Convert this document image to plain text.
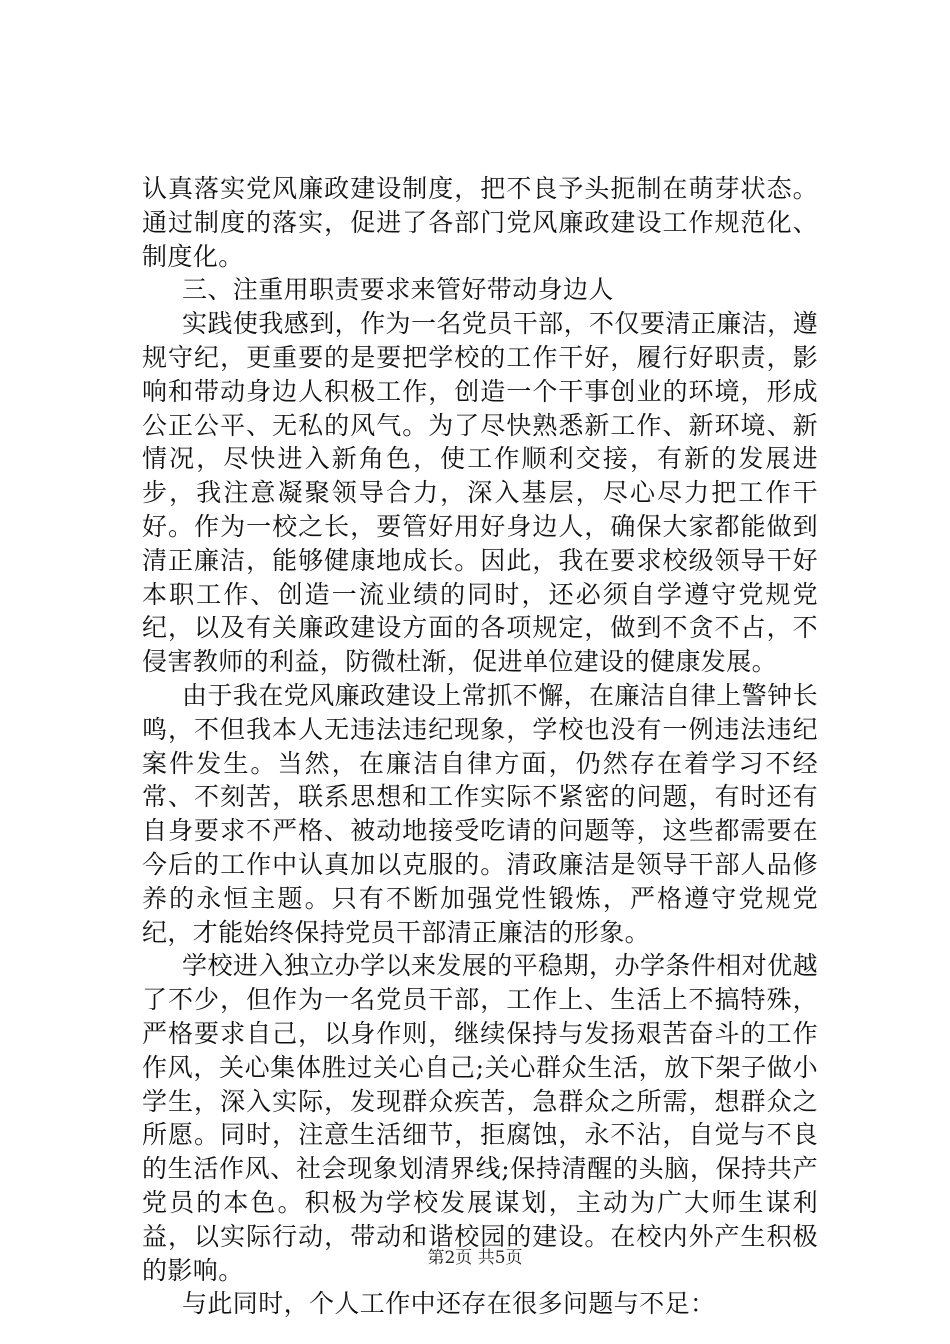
认真落实党风廉政建设制度，把不良予头扼制在萌芽状态。通过制度的落实，促进了各部门党风廉政建设工作规范化、制度化。

三、注重用职责要求来管好带动身边人

实践使我感到，作为一名党员干部，不仅要清正廉洁，遵规守纪，更重要的是要把学校的工作干好，履行好职责，影响和带动身边人积极工作，创造一个干事创业的环境，形成公正公平、无私的风气。为了尽快熟悉新工作、新环境、新情况，尽快进入新角色，使工作顺利交接，有新的发展进步，我注意凝聚领导合力，深入基层，尽心尽力把工作干好。作为一校之长，要管好用好身边人，确保大家都能做到清正廉洁，能够健康地成长。因此，我在要求校级领导干好本职工作、创造一流业绩的同时，还必须自学遵守党规党纪，以及有关廉政建设方面的各项规定，做到不贪不占，不侵害教师的利益，防微杜渐，促进单位建设的健康发展。

由于我在党风廉政建设上常抓不懈，在廉洁自律上警钟长鸣，不但我本人无违法违纪现象，学校也没有一例违法违纪案件发生。当然，在廉洁自律方面，仍然存在着学习不经常、不刻苦，联系思想和工作实际不紧密的问题，有时还有自身要求不严格、被动地接受吃请的问题等，这些都需要在今后的工作中认真加以克服的。清政廉洁是领导干部人品修养的永恒主题。只有不断加强党性锻炼，严格遵守党规党纪，才能始终保持党员干部清正廉洁的形象。

学校进入独立办学以来发展的平稳期，办学条件相对优越了不少，但作为一名党员干部，工作上、生活上不搞特殊，严格要求自己，以身作则，继续保持与发扬艰苦奋斗的工作作风，关心集体胜过关心自己;关心群众生活，放下架子做小学生，深入实际，发现群众疾苦，急群众之所需，想群众之所愿。同时，注意生活细节，拒腐蚀，永不沾，自觉与不良的生活作风、社会现象划清界线;保持清醒的头脑，保持共产党员的本色。积极为学校发展谋划，主动为广大师生谋利益，以实际行动，带动和谐校园的建设。在校内外产生积极的影响。

与此同时，个人工作中还存在很多问题与不足：

第2页 共5页
